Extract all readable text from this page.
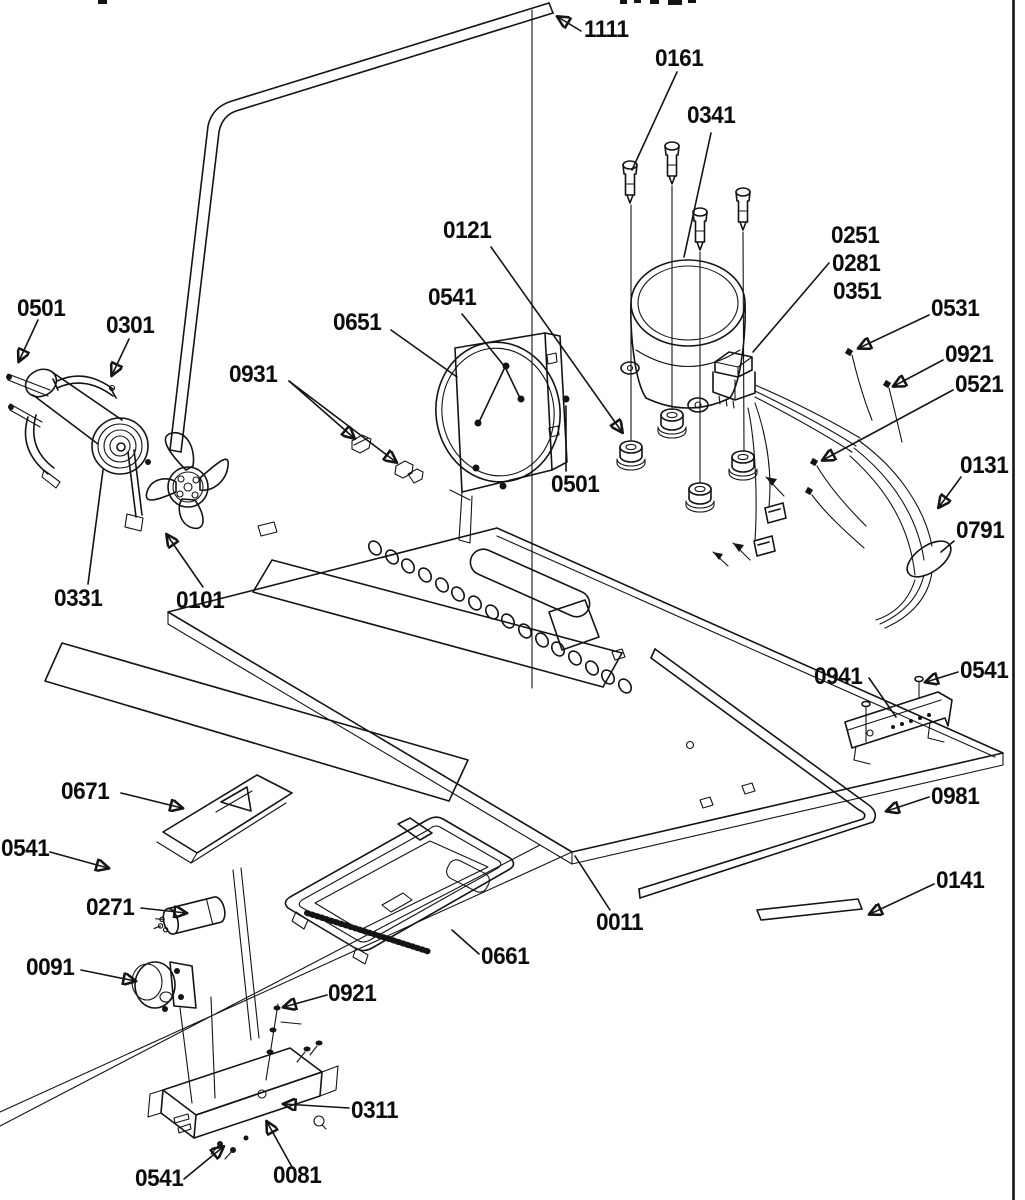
1111
0161
0341
0121	0251
0281
0351
0531
0921
0521
0131
0791
0501
0301
0931
0651
0541
0501
0331	0101
0941	0541
0671
0541
0981
0271
0141
0011
0661
0091
0921
0311
0541	0081
